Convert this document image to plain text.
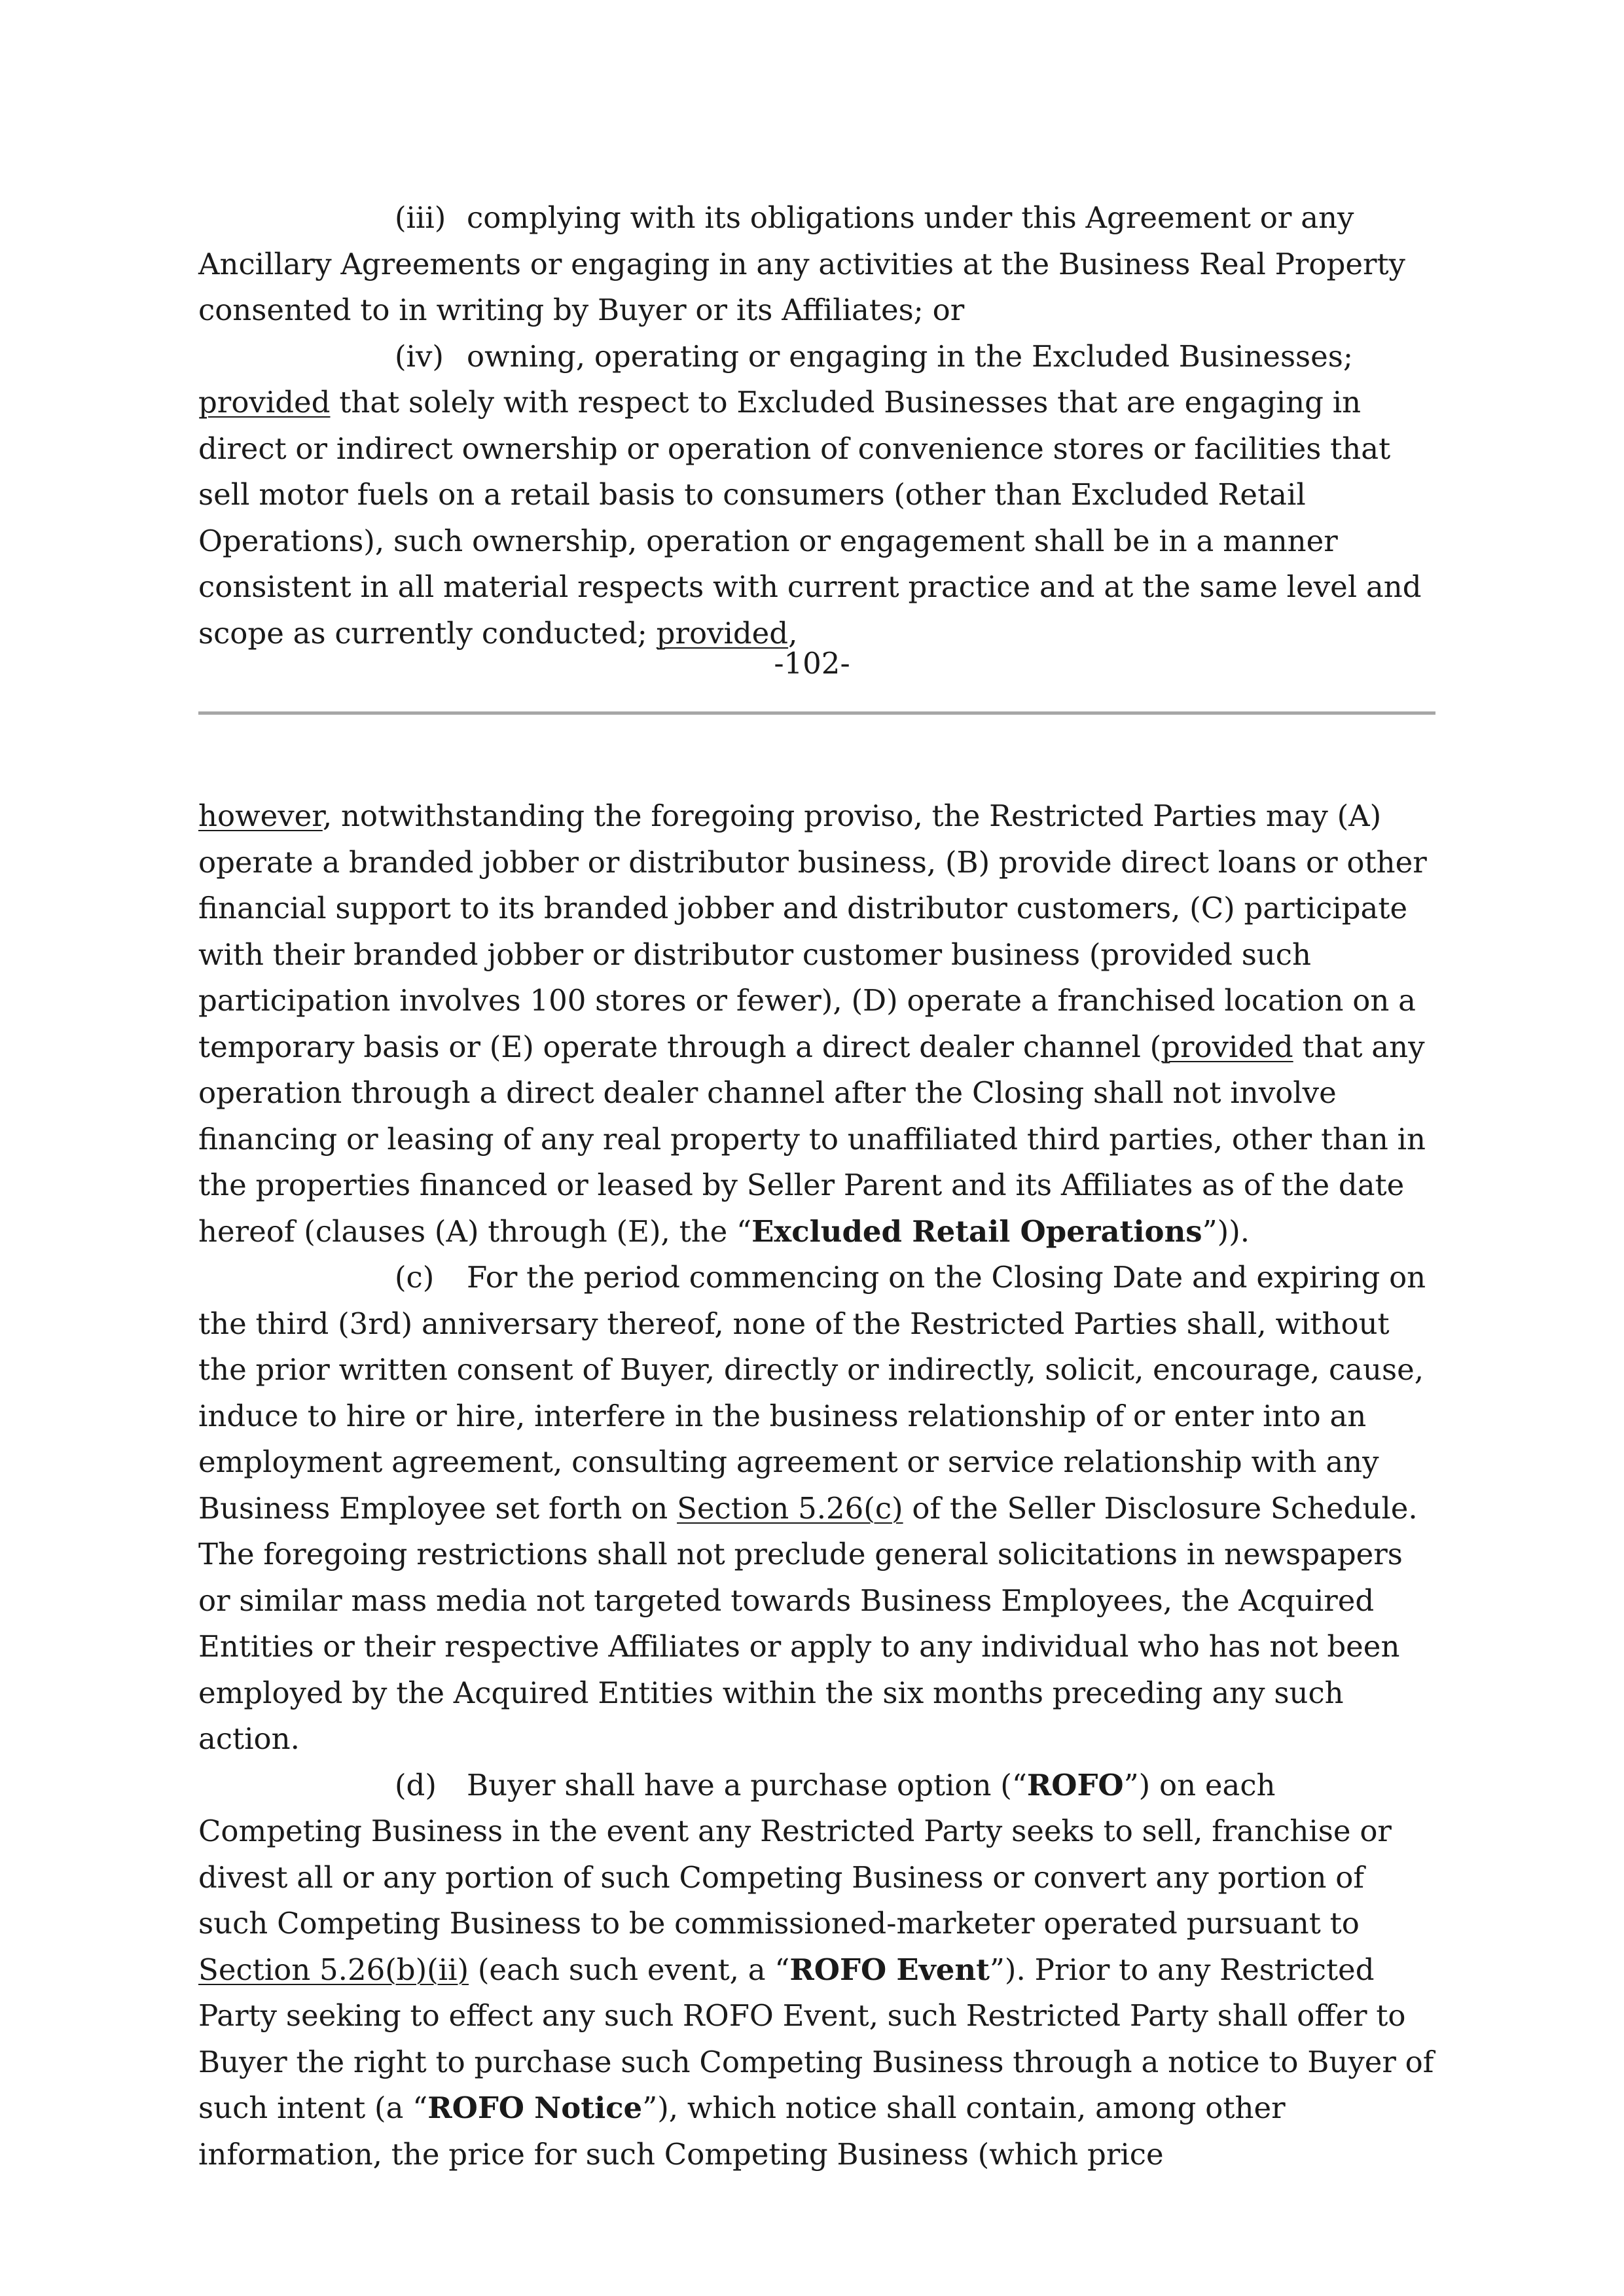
(iii) complying with its obligations under this Agreement or any Ancillary Agreements or engaging in any activities at the Business Real Property consented to in writing by Buyer or its Affiliates; or

(iv) owning, operating or engaging in the Excluded Businesses; provided that solely with respect to Excluded Businesses that are engaging in direct or indirect ownership or operation of convenience stores or facilities that sell motor fuels on a retail basis to consumers (other than Excluded Retail Operations), such ownership, operation or engagement shall be in a manner consistent in all material respects with current practice and at the same level and scope as currently conducted; provided,

-102-

however, notwithstanding the foregoing proviso, the Restricted Parties may (A) operate a branded jobber or distributor business, (B) provide direct loans or other financial support to its branded jobber and distributor customers, (C) participate with their branded jobber or distributor customer business (provided such participation involves 100 stores or fewer), (D) operate a franchised location on a temporary basis or (E) operate through a direct dealer channel (provided that any operation through a direct dealer channel after the Closing shall not involve financing or leasing of any real property to unaffiliated third parties, other than in the properties financed or leased by Seller Parent and its Affiliates as of the date hereof (clauses (A) through (E), the “Excluded Retail Operations”)).

(c) For the period commencing on the Closing Date and expiring on the third (3rd) anniversary thereof, none of the Restricted Parties shall, without the prior written consent of Buyer, directly or indirectly, solicit, encourage, cause, induce to hire or hire, interfere in the business relationship of or enter into an employment agreement, consulting agreement or service relationship with any Business Employee set forth on Section 5.26(c) of the Seller Disclosure Schedule. The foregoing restrictions shall not preclude general solicitations in newspapers or similar mass media not targeted towards Business Employees, the Acquired Entities or their respective Affiliates or apply to any individual who has not been employed by the Acquired Entities within the six months preceding any such action.

(d) Buyer shall have a purchase option (“ROFO”) on each Competing Business in the event any Restricted Party seeks to sell, franchise or divest all or any portion of such Competing Business or convert any portion of such Competing Business to be commissioned-marketer operated pursuant to Section 5.26(b)(ii) (each such event, a “ROFO Event”). Prior to any Restricted Party seeking to effect any such ROFO Event, such Restricted Party shall offer to Buyer the right to purchase such Competing Business through a notice to Buyer of such intent (a “ROFO Notice”), which notice shall contain, among other information, the price for such Competing Business (which price
